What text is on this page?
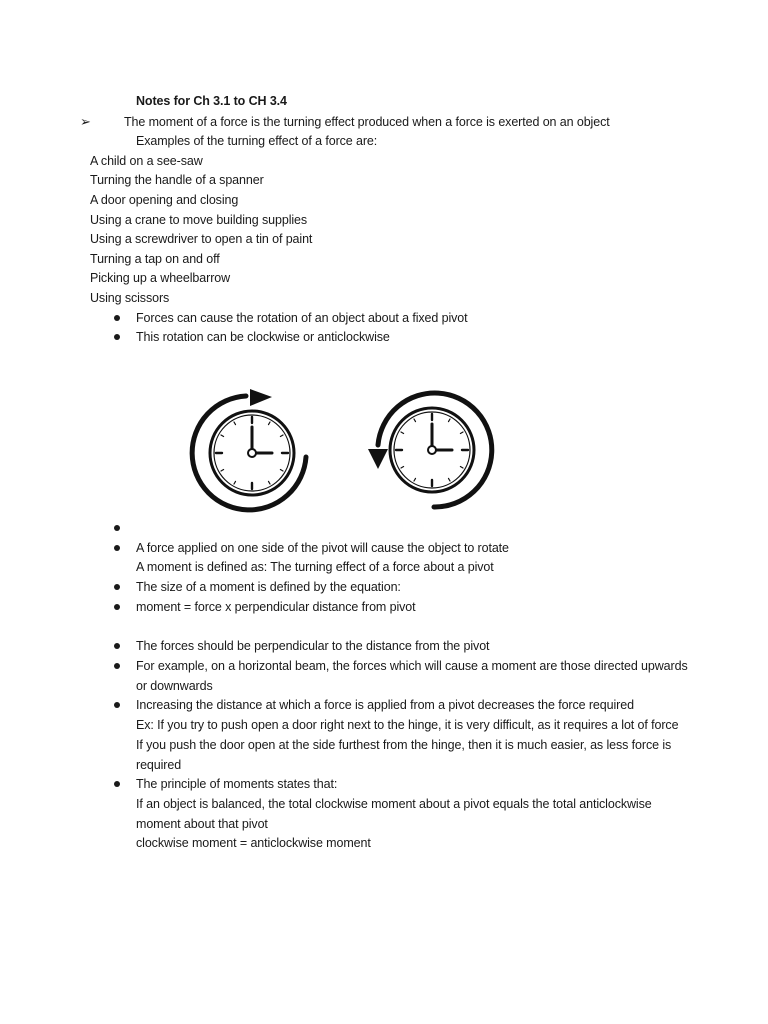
Notes for Ch 3.1 to CH 3.4
➢	The moment of a force is the turning effect produced when a force is exerted on an object
Examples of the turning effect of a force are:
A child on a see-saw
Turning the handle of a spanner
A door opening and closing
Using a crane to move building supplies
Using a screwdriver to open a tin of paint
Turning a tap on and off
Picking up a wheelbarrow
Using scissors
Forces can cause the rotation of an object about a fixed pivot
This rotation can be clockwise or anticlockwise
A force applied on one side of the pivot will cause the object to rotate
A moment is defined as: The turning effect of a force about a pivot
The size of a moment is defined by the equation:
moment = force x perpendicular distance from pivot
The forces should be perpendicular to the distance from the pivot
For example, on a horizontal beam, the forces which will cause a moment are those directed upwards
or downwards
Increasing the distance at which a force is applied from a pivot decreases the force required
Ex: If you try to push open a door right next to the hinge, it is very difficult, as it requires a lot of force
If you push the door open at the side furthest from the hinge, then it is much easier, as less force is
required
The principle of moments states that:
If an object is balanced, the total clockwise moment about a pivot equals the total anticlockwise
moment about that pivot
clockwise moment = anticlockwise moment
